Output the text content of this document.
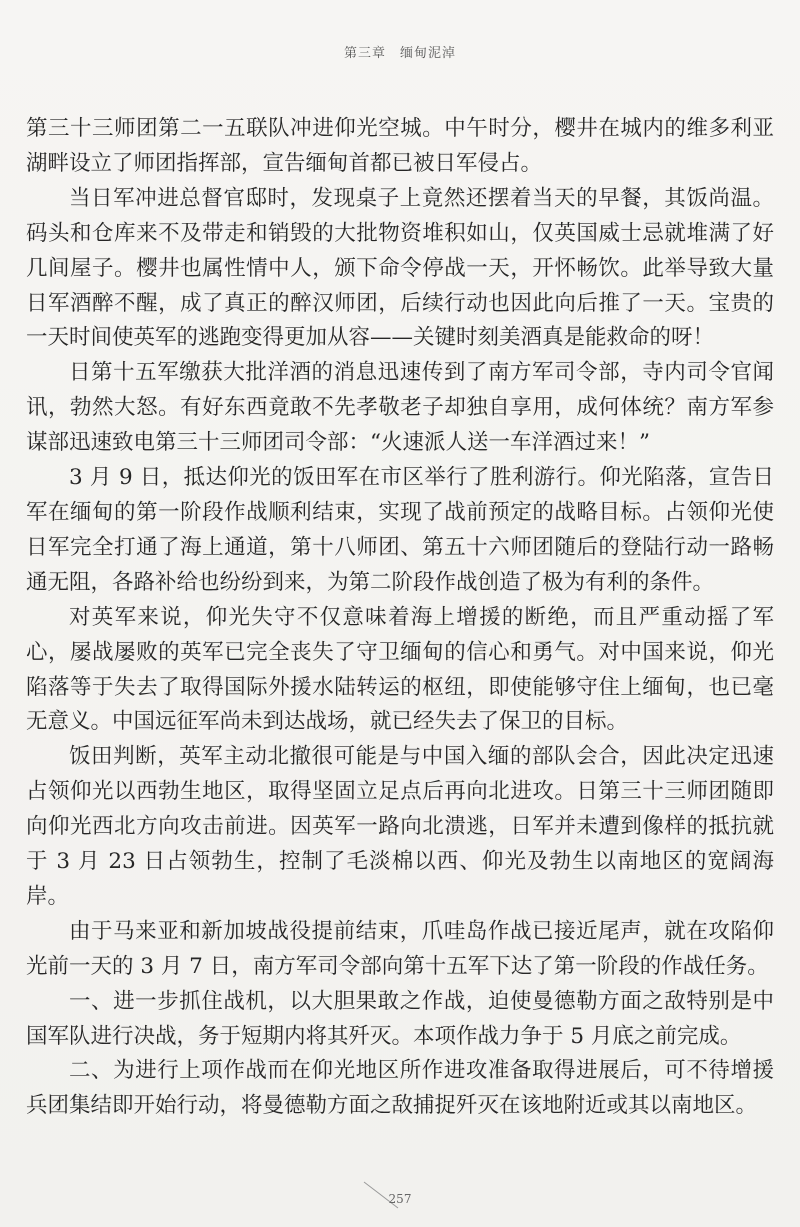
第三章 缅甸泥淖

第三十三师团第二一五联队冲进仰光空城。中午时分，樱井在城内的维多利亚湖畔设立了师团指挥部，宣告缅甸首都已被日军侵占。

当日军冲进总督官邸时，发现桌子上竟然还摆着当天的早餐，其饭尚温。码头和仓库来不及带走和销毁的大批物资堆积如山，仅英国威士忌就堆满了好几间屋子。樱井也属性情中人，颁下命令停战一天，开怀畅饮。此举导致大量日军酒醉不醒，成了真正的醉汉师团，后续行动也因此向后推了一天。宝贵的一天时间使英军的逃跑变得更加从容——关键时刻美酒真是能救命的呀！

日第十五军缴获大批洋酒的消息迅速传到了南方军司令部，寺内司令官闻讯，勃然大怒。有好东西竟敢不先孝敬老子却独自享用，成何体统？南方军参谋部迅速致电第三十三师团司令部：“火速派人送一车洋酒过来！”

3 月 9 日，抵达仰光的饭田军在市区举行了胜利游行。仰光陷落，宣告日军在缅甸的第一阶段作战顺利结束，实现了战前预定的战略目标。占领仰光使日军完全打通了海上通道，第十八师团、第五十六师团随后的登陆行动一路畅通无阻，各路补给也纷纷到来，为第二阶段作战创造了极为有利的条件。

对英军来说，仰光失守不仅意味着海上增援的断绝，而且严重动摇了军心，屡战屡败的英军已完全丧失了守卫缅甸的信心和勇气。对中国来说，仰光陷落等于失去了取得国际外援水陆转运的枢纽，即使能够守住上缅甸，也已毫无意义。中国远征军尚未到达战场，就已经失去了保卫的目标。

饭田判断，英军主动北撤很可能是与中国入缅的部队会合，因此决定迅速占领仰光以西勃生地区，取得坚固立足点后再向北进攻。日第三十三师团随即向仰光西北方向攻击前进。因英军一路向北溃逃，日军并未遭到像样的抵抗就于 3 月 23 日占领勃生，控制了毛淡棉以西、仰光及勃生以南地区的宽阔海岸。

由于马来亚和新加坡战役提前结束，爪哇岛作战已接近尾声，就在攻陷仰光前一天的 3 月 7 日，南方军司令部向第十五军下达了第一阶段的作战任务。

一、进一步抓住战机，以大胆果敢之作战，迫使曼德勒方面之敌特别是中国军队进行决战，务于短期内将其歼灭。本项作战力争于 5 月底之前完成。

二、为进行上项作战而在仰光地区所作进攻准备取得进展后，可不待增援兵团集结即开始行动，将曼德勒方面之敌捕捉歼灭在该地附近或其以南地区。

257
